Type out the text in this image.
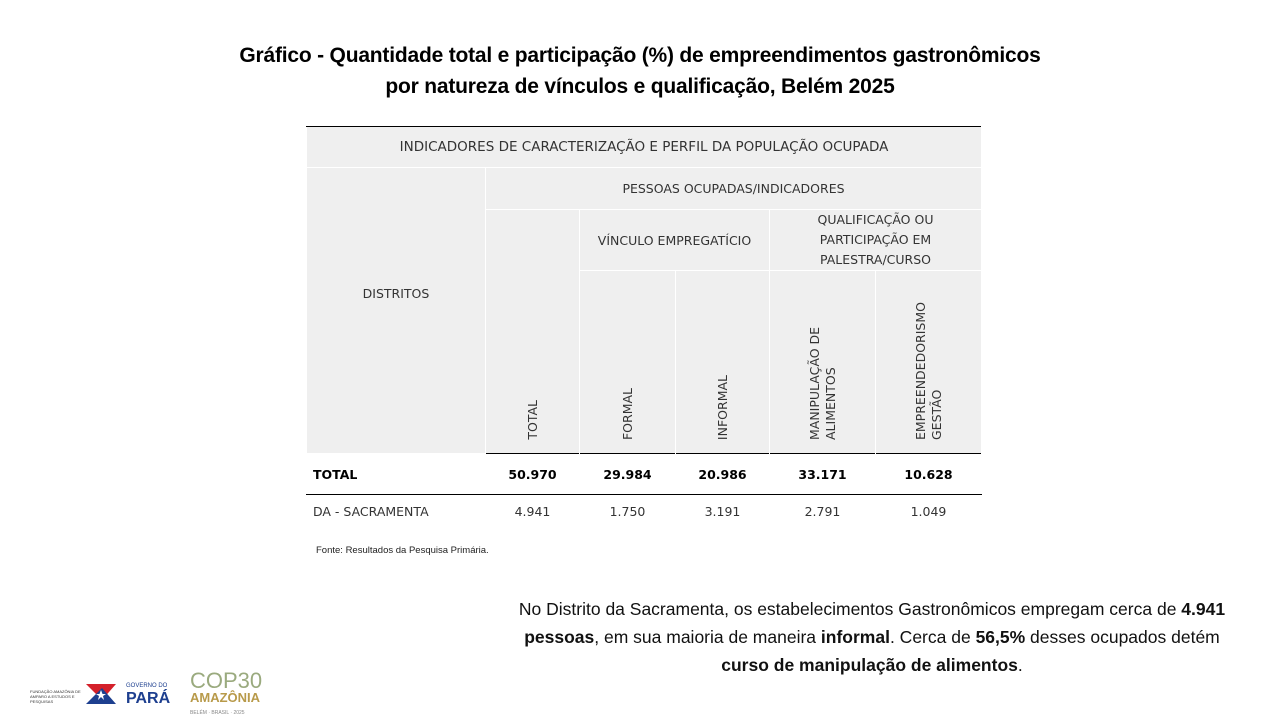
Gráfico - Quantidade total e participação (%) de empreendimentos gastronômicos
por natureza de vínculos e qualificação, Belém 2025
INDICADORES DE CARACTERIZAÇÃO E PERFIL DA POPULAÇÃO OCUPADA					
DISTRITOS	PESSOAS OCUPADAS/INDICADORES				
	TOTAL	VÍNCULO EMPREGATÍCIO		QUALIFICAÇÃO OU PARTICIPAÇÃO EM PALESTRA/CURSO	
		FORMAL	INFORMAL	MANIPULAÇÃO DE ALIMENTOS	EMPREENDEDORISMO GESTÃO

TOTAL	50.970	29.984	20.986	33.171	10.628
DA - SACRAMENTA	4.941	1.750	3.191	2.791	1.049
Fonte: Resultados da Pesquisa Primária.
No Distrito da Sacramenta, os estabelecimentos Gastronômicos empregam cerca de 4.941 pessoas, em sua maioria de maneira informal. Cerca de 56,5% desses ocupados detém curso de manipulação de alimentos.
FUNDAÇÃO AMAZÔNIA DE AMPARO A ESTUDOS E PESQUISAS
GOVERNO DO
PARÁ
COP30
AMAZÔNIA
BELÉM · BRASIL · 2025
